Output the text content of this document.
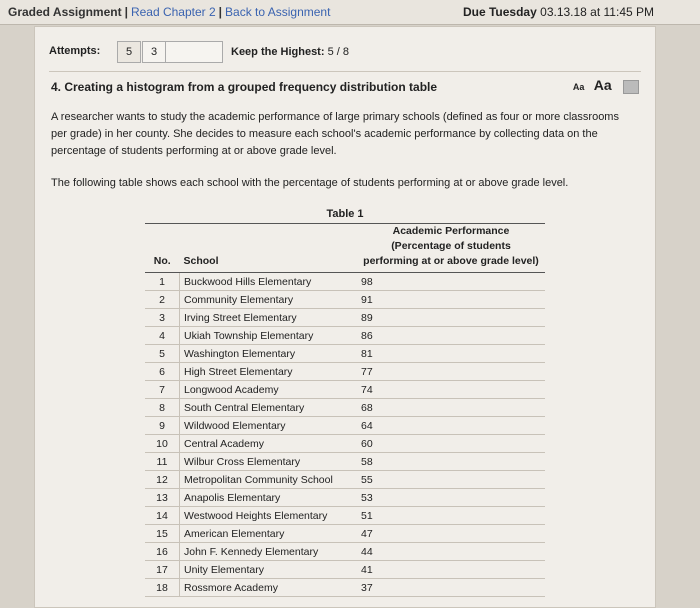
Graded Assignment | Read Chapter 2 | Back to Assignment	Due Tuesday 03.13.18 at 11:45 PM
Attempts:	5	3	Keep the Highest: 5 / 8
4. Creating a histogram from a grouped frequency distribution table	Aa Aa
A researcher wants to study the academic performance of large primary schools (defined as four or more classrooms per grade) in her county. She decides to measure each school's academic performance by collecting data on the percentage of students performing at or above grade level.
The following table shows each school with the percentage of students performing at or above grade level.
Table 1
No.	School	Academic Performance
(Percentage of students
performing at or above grade level)

1	Buckwood Hills Elementary	98
2	Community Elementary	91
3	Irving Street Elementary	89
4	Ukiah Township Elementary	86
5	Washington Elementary	81
6	High Street Elementary	77
7	Longwood Academy	74
8	South Central Elementary	68
9	Wildwood Elementary	64
10	Central Academy	60
11	Wilbur Cross Elementary	58
12	Metropolitan Community School	55
13	Anapolis Elementary	53
14	Westwood Heights Elementary	51
15	American Elementary	47
16	John F. Kennedy Elementary	44
17	Unity Elementary	41
18	Rossmore Academy	37
